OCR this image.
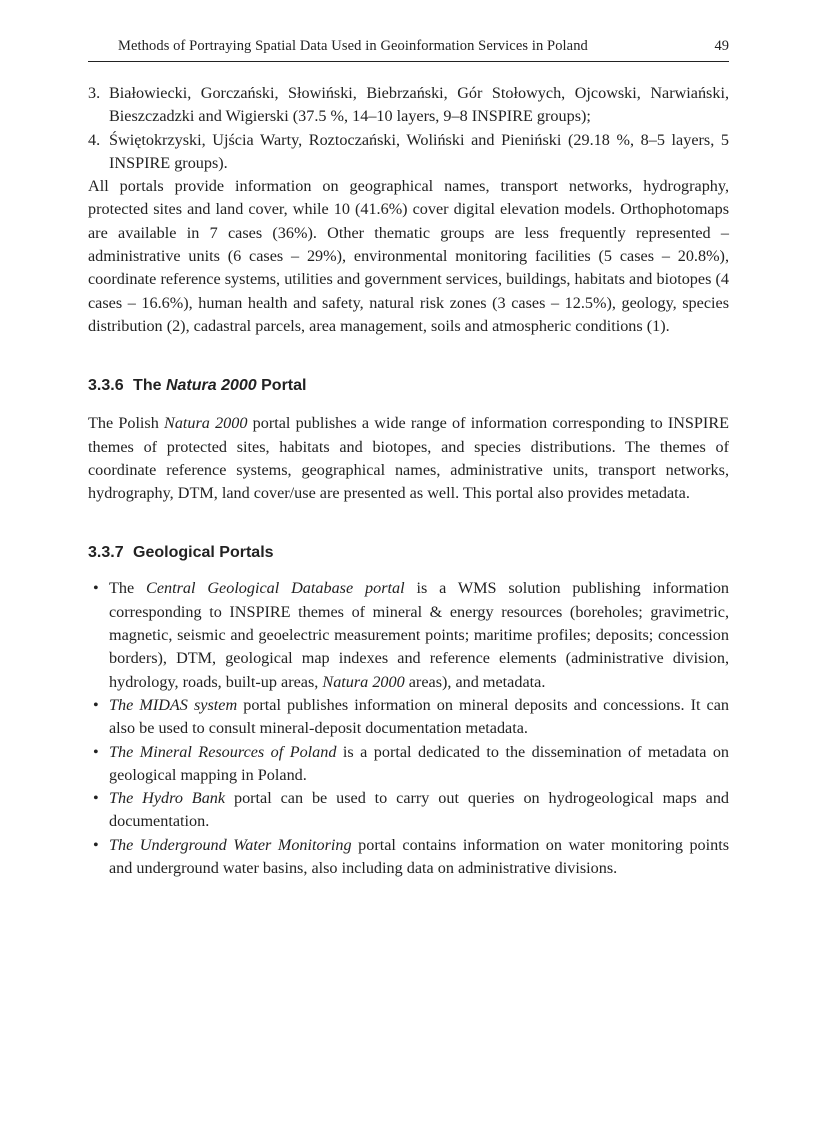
Methods of Portraying Spatial Data Used in Geoinformation Services in Poland	49
3. Białowiecki, Gorczański, Słowiński, Biebrzański, Gór Stołowych, Ojcowski, Narwiański, Bieszczadzki and Wigierski (37.5 %, 14–10 layers, 9–8 INSPIRE groups);
4. Świętokrzyski, Ujścia Warty, Roztoczański, Woliński and Pieniński (29.18 %, 8–5 layers, 5 INSPIRE groups).

All portals provide information on geographical names, transport networks, hydrography, protected sites and land cover, while 10 (41.6%) cover digital elevation models. Orthophotomaps are available in 7 cases (36%). Other thematic groups are less frequently represented – administrative units (6 cases – 29%), environmental monitoring facilities (5 cases – 20.8%), coordinate reference systems, utilities and government services, buildings, habitats and biotopes (4 cases – 16.6%), human health and safety, natural risk zones (3 cases – 12.5%), geology, species distribution (2), cadastral parcels, area management, soils and atmospheric conditions (1).

3.3.6 The Natura 2000 Portal

The Polish Natura 2000 portal publishes a wide range of information corresponding to INSPIRE themes of protected sites, habitats and biotopes, and species distributions. The themes of coordinate reference systems, geographical names, administrative units, transport networks, hydrography, DTM, land cover/use are presented as well. This portal also provides metadata.

3.3.7 Geological Portals
• The Central Geological Database portal is a WMS solution publishing information corresponding to INSPIRE themes of mineral & energy resources (boreholes; gravimetric, magnetic, seismic and geoelectric measurement points; maritime profiles; deposits; concession borders), DTM, geological map indexes and reference elements (administrative division, hydrology, roads, built-up areas, Natura 2000 areas), and metadata.
• The MIDAS system portal publishes information on mineral deposits and concessions. It can also be used to consult mineral-deposit documentation metadata.
• The Mineral Resources of Poland is a portal dedicated to the dissemination of metadata on geological mapping in Poland.
• The Hydro Bank portal can be used to carry out queries on hydrogeological maps and documentation.
• The Underground Water Monitoring portal contains information on water monitoring points and underground water basins, also including data on administrative divisions.
